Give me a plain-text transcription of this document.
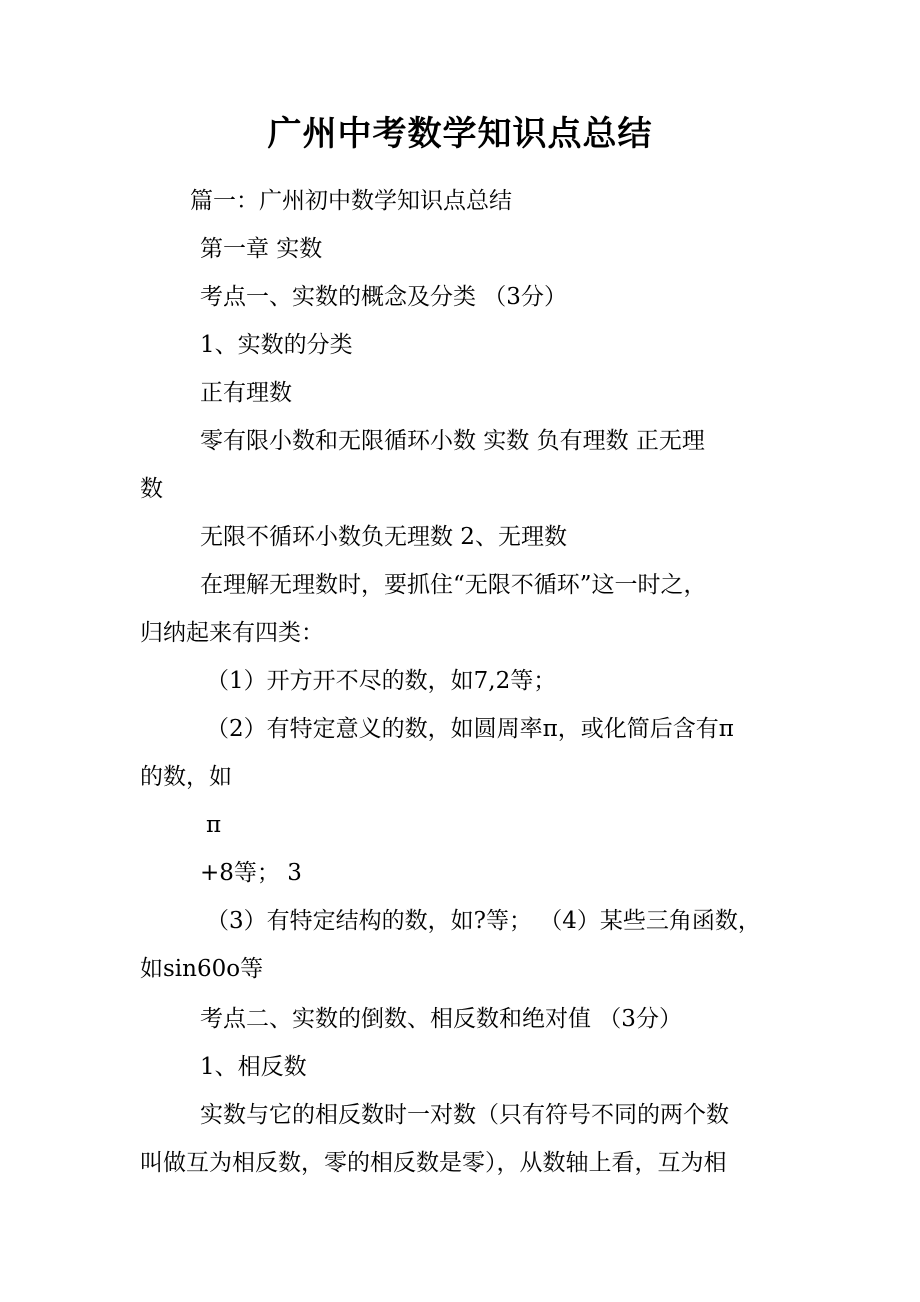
广州中考数学知识点总结
篇一：广州初中数学知识点总结
第一章 实数
考点一、实数的概念及分类 （3分）
1、实数的分类
正有理数
零有限小数和无限循环小数 实数 负有理数 正无理
数
无限不循环小数负无理数 2、无理数
在理解无理数时，要抓住“无限不循环”这一时之，
归纳起来有四类：
（1）开方开不尽的数，如7,2等；
（2）有特定意义的数，如圆周率π，或化简后含有π
的数，如
π
+8等； 3
（3）有特定结构的数，如?等； （4）某些三角函数，
如sin60o等
考点二、实数的倒数、相反数和绝对值 （3分）
1、相反数
实数与它的相反数时一对数（只有符号不同的两个数
叫做互为相反数，零的相反数是零），从数轴上看，互为相
